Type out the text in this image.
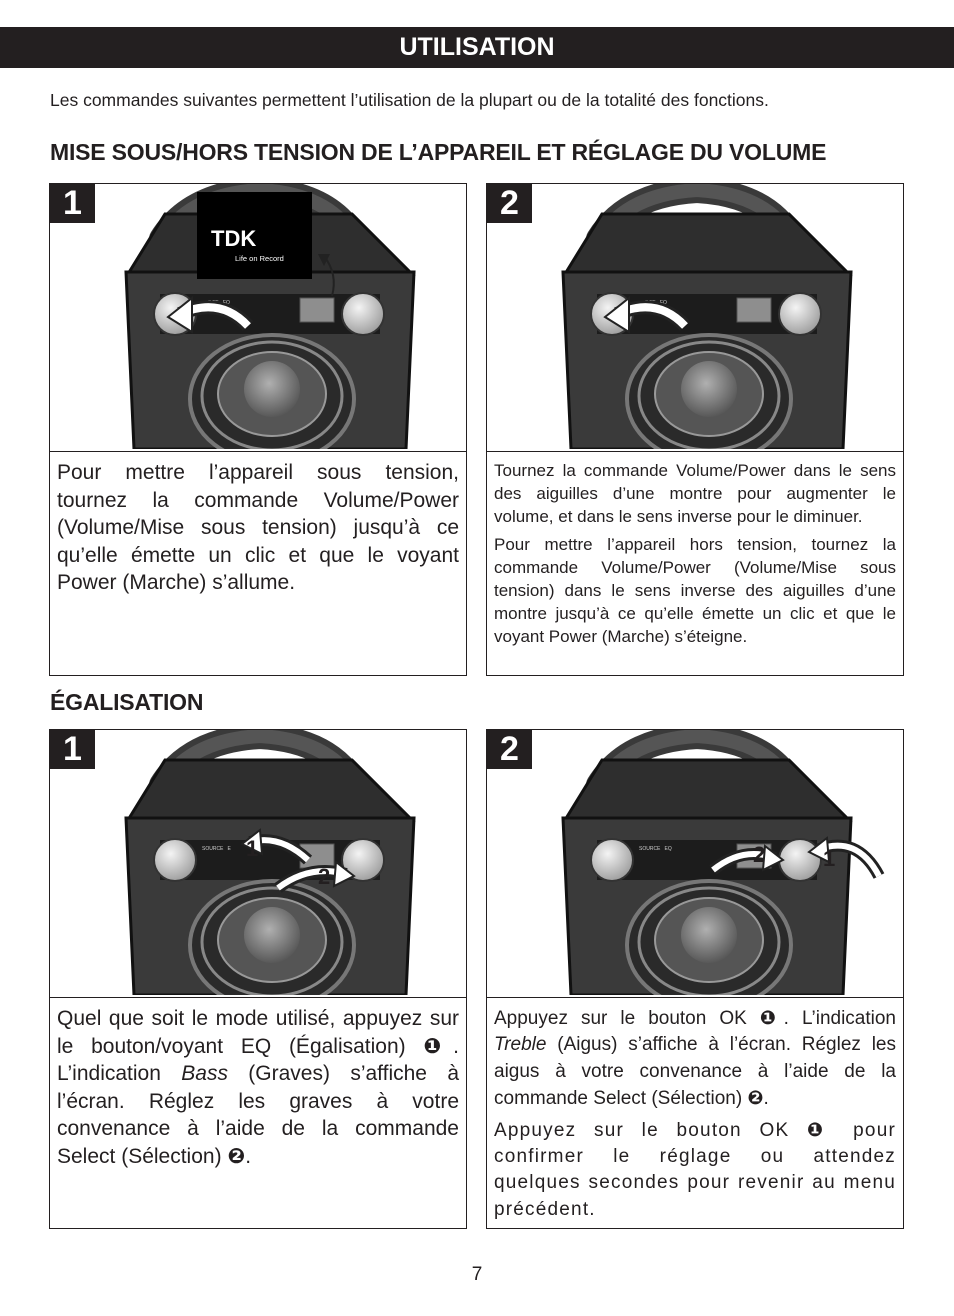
UTILISATION
Les commandes suivantes permettent l’utilisation de la plupart ou de la totalité des fonctions.
MISE SOUS/HORS TENSION DE L’APPAREIL ET RÉGLAGE DU VOLUME
1
TDK
Life on Record
RCE   EQ
Pour mettre l’appareil sous tension, tournez la commande Volume/Power (Volume/Mise sous tension) jusqu’à ce qu’elle émette un clic et que le voyant Power (Marche) s’allume.
2
RCE   EQ

Tournez la commande Volume/Power dans le sens des aiguilles d’une montre pour augmenter le volume, et dans le sens inverse pour le diminuer.

Pour mettre l’appareil hors tension, tournez la commande Volume/Power (Volume/Mise sous tension) dans le sens inverse des aiguilles d’une montre jusqu’à ce qu’elle émette un clic et que le voyant Power (Marche) s’éteigne.

ÉGALISATION
1
SOURCE   E 1
2
Quel que soit le mode utilisé, appuyez sur le bouton/voyant EQ (Égalisation) ❶. L’indication Bass (Graves) s’affiche à l’écran. Réglez les graves à votre convenance à l’aide de la commande Select (Sélection) ❷.
2
SOURCE   EQ	1
2

Appuyez sur le bouton OK ❶. L’indication Treble (Aigus) s’affiche à l’écran. Réglez les aigus à votre convenance à l’aide de la commande Select (Sélection) ❷.

Appuyez sur le bouton OK ❶ pour confirmer le réglage ou attendez quelques secondes pour revenir au menu précédent.

7
